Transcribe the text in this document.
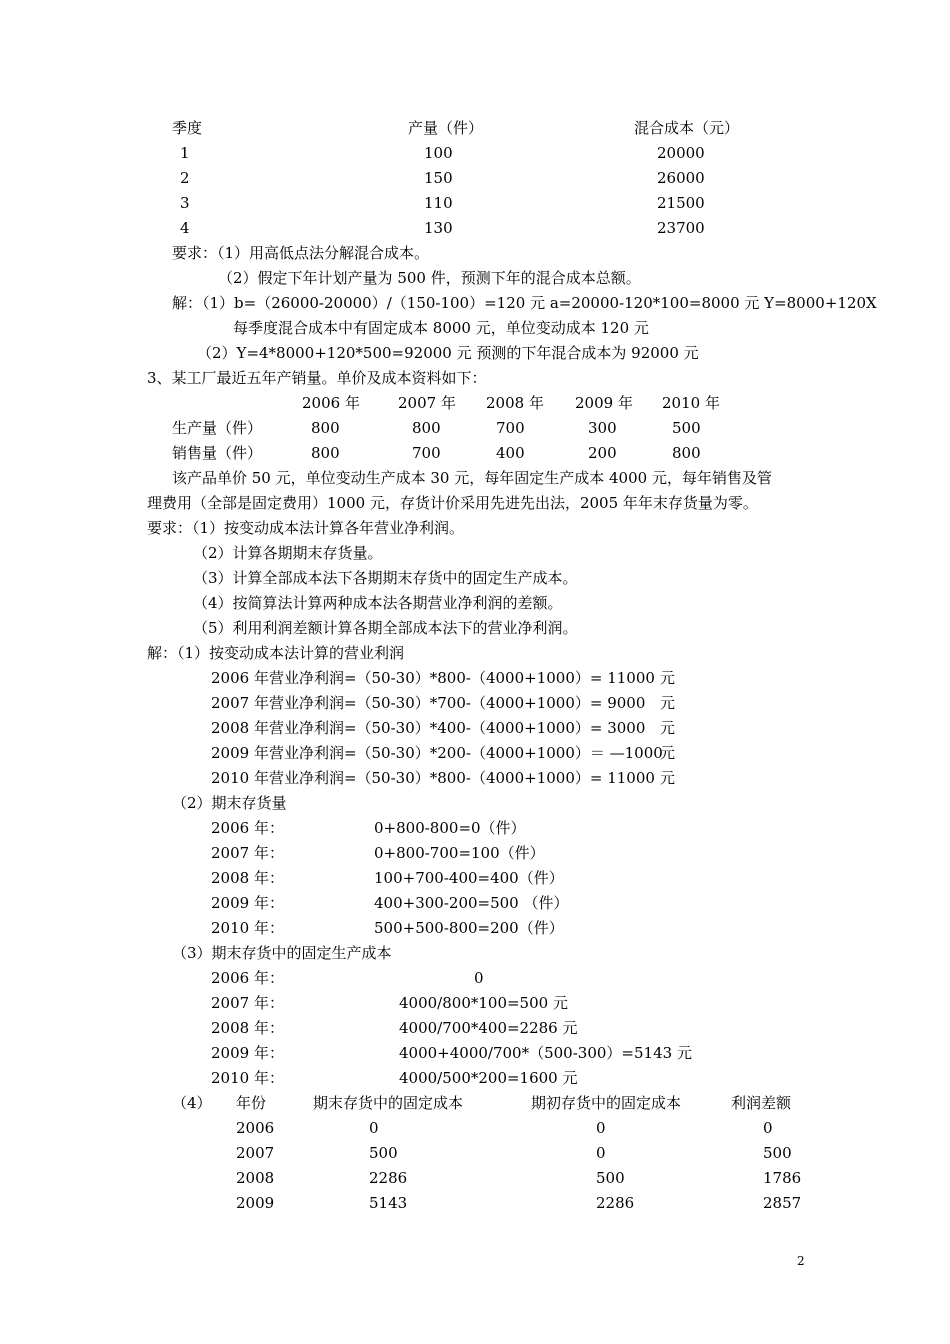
季度	产量（件）	混合成本（元）
1	100	20000
2	150	26000
3	110	21500
4	130	23700
要求：（1）用高低点法分解混合成本。
（2）假定下年计划产量为 500 件，预测下年的混合成本总额。
解：（1）b=（26000-20000）/（150-100）=120 元 a=20000-120*100=8000 元 Y=8000+120X
每季度混合成本中有固定成本 8000 元，单位变动成本 120 元
（2）Y=4*8000+120*500=92000 元 预测的下年混合成本为 92000 元
3、某工厂最近五年产销量。单价及成本资料如下：
2006 年	2007 年 2008 年 2009 年 2010 年
生产量（件）	800	800	700	300	500
销售量（件）	800	700	400	200	800
该产品单价 50 元，单位变动生产成本 30 元，每年固定生产成本 4000 元，每年销售及管
理费用（全部是固定费用）1000 元，存货计价采用先进先出法，2005 年年末存货量为零。
要求：（1）按变动成本法计算各年营业净利润。
（2）计算各期期末存货量。
（3）计算全部成本法下各期期末存货中的固定生产成本。
（4）按简算法计算两种成本法各期营业净利润的差额。
（5）利用利润差额计算各期全部成本法下的营业净利润。
解：（1）按变动成本法计算的营业利润
2006 年营业净利润=（50-30）*800-（4000+1000）= 11000 元
2007 年营业净利润=（50-30）*700-（4000+1000）= 9000 元
2008 年营业净利润=（50-30）*400-（4000+1000）= 3000 元
2009 年营业净利润=（50-30）*200-（4000+1000）＝ —1000
元
2010 年营业净利润=（50-30）*800-（4000+1000）= 11000 元
（2）期末存货量
2006 年：	0+800-800=0（件）
2007 年：	0+800-700=100（件）
2008 年：	100+700-400=400（件）
2009 年：	400+300-200=500 （件）
2010 年：	500+500-800=200（件）
（3）期末存货中的固定生产成本
2006 年：	0
2007 年：	4000/800*100=500 元
2008 年：	4000/700*400=2286 元
2009 年：	4000+4000/700*（500-300）=5143 元
2010 年：	4000/500*200=1600 元
（4） 年份	期末存货中的固定成本	期初存货中的固定成本	利润差额
2006	0	0	0
2007	500	0	500
2008	2286	500	1786
2009	5143	2286	2857
2
